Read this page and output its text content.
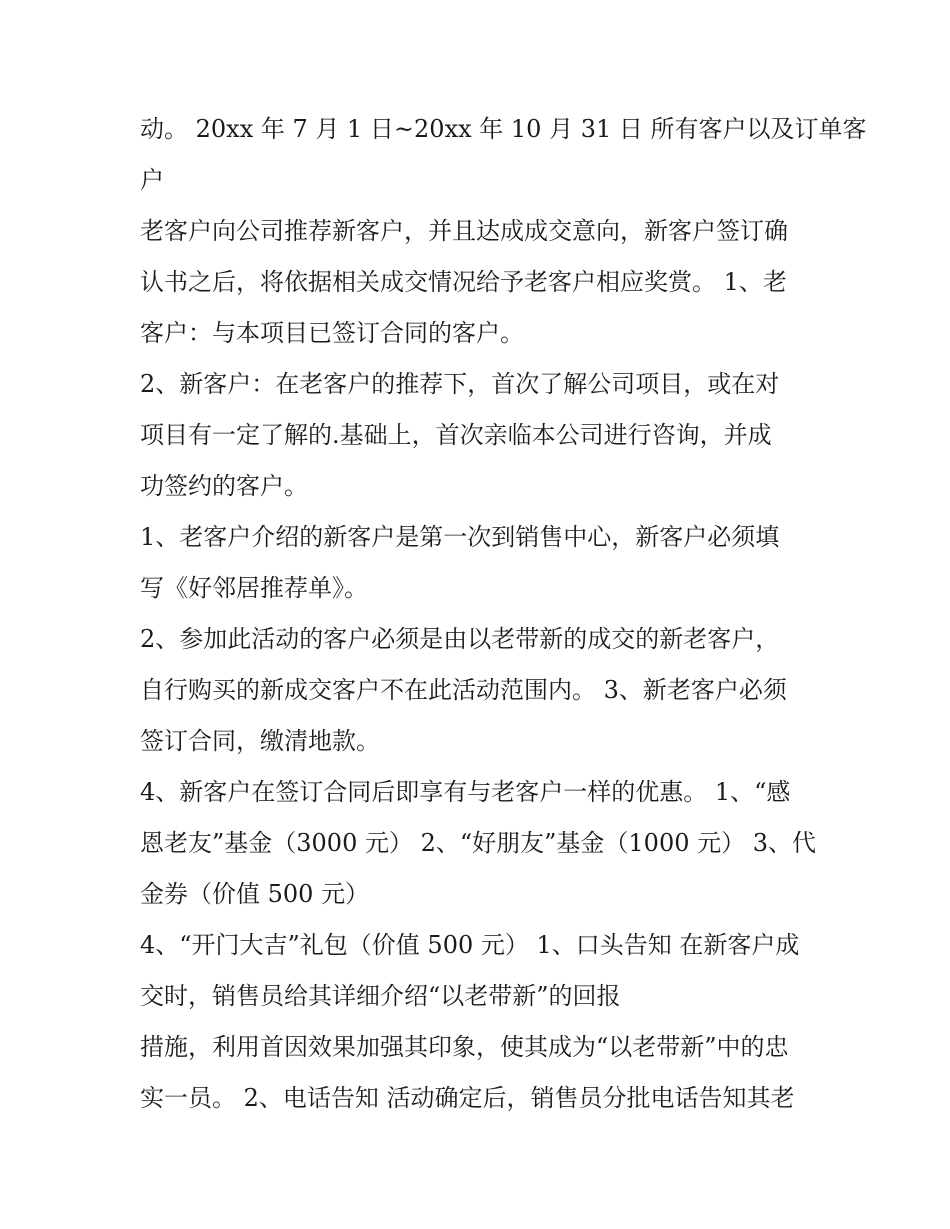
动。 20xx 年 7 月 1 日~20xx 年 10 月 31 日 所有客户以及订单客
户
老客户向公司推荐新客户，并且达成成交意向，新客户签订确
认书之后，将依据相关成交情况给予老客户相应奖赏。 1、老
客户：与本项目已签订合同的客户。
2、新客户：在老客户的推荐下，首次了解公司项目，或在对
项目有一定了解的.基础上，首次亲临本公司进行咨询，并成
功签约的客户。
1、老客户介绍的新客户是第一次到销售中心，新客户必须填
写《好邻居推荐单》。
2、参加此活动的客户必须是由以老带新的成交的新老客户，
自行购买的新成交客户不在此活动范围内。 3、新老客户必须
签订合同，缴清地款。
4、新客户在签订合同后即享有与老客户一样的优惠。 1、“感
恩老友”基金（3000 元） 2、“好朋友”基金（1000 元） 3、代
金券（价值 500 元）
4、“开门大吉”礼包（价值 500 元） 1、口头告知 在新客户成
交时，销售员给其详细介绍“以老带新”的回报
措施，利用首因效果加强其印象，使其成为“以老带新”中的忠
实一员。 2、电话告知 活动确定后，销售员分批电话告知其老
